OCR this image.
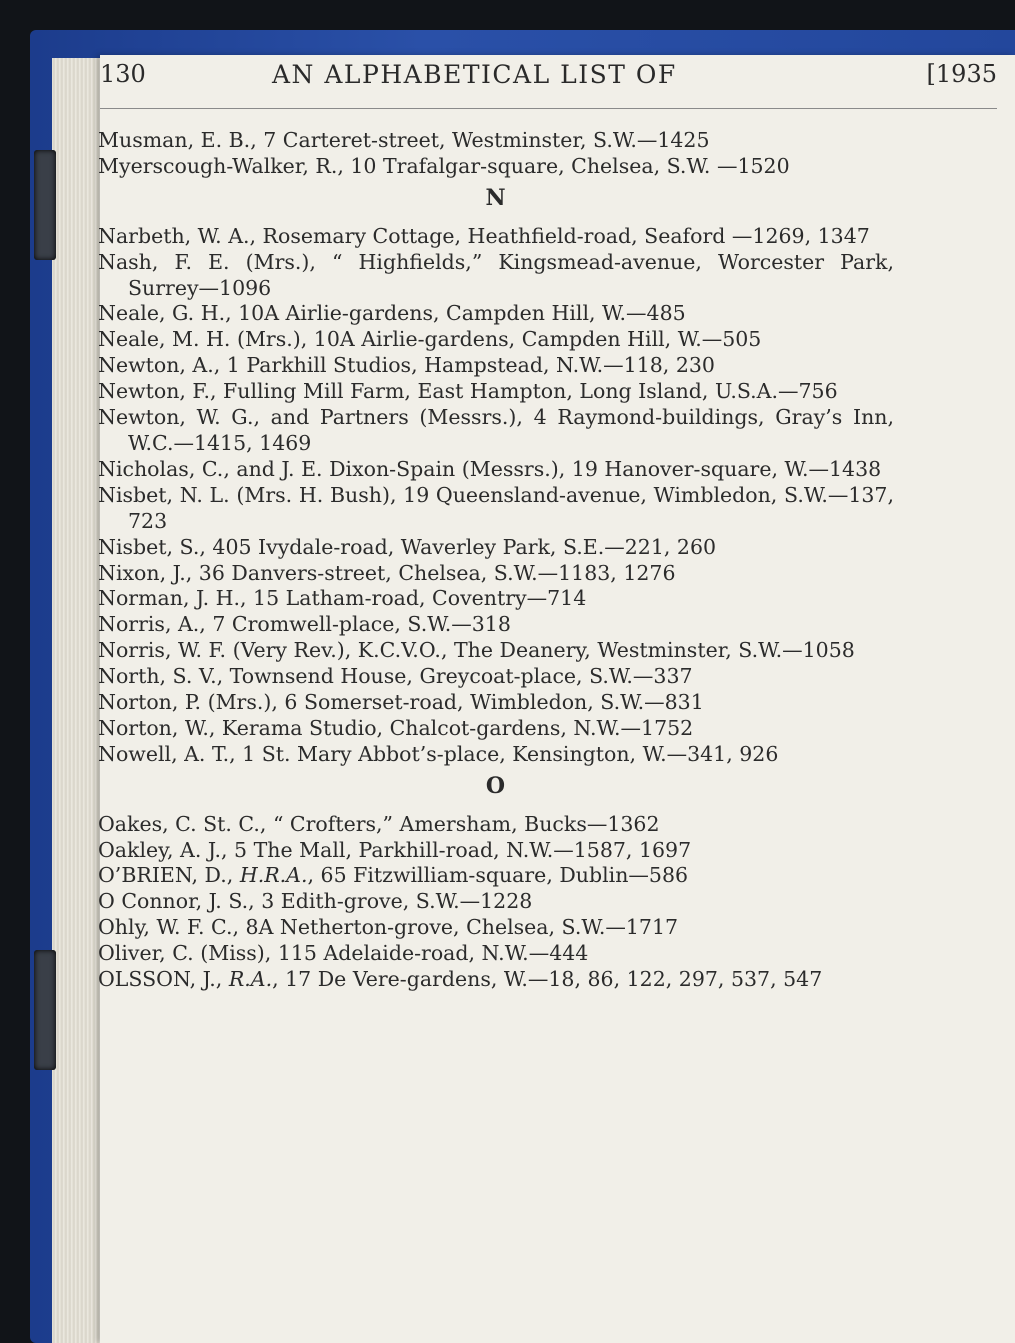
130	AN ALPHABETICAL LIST OF	[1935

Musman, E. B., 7 Carteret-street, Westminster, S.W.—1425

Myerscough-Walker, R., 10 Trafalgar-square, Chelsea, S.W. —1520

N

Narbeth, W. A., Rosemary Cottage, Heathfield-road, Seaford —1269, 1347

Nash, F. E. (Mrs.), “ Highfields,” Kingsmead-avenue, Worcester Park, Surrey—1096

Neale, G. H., 10A Airlie-gardens, Campden Hill, W.—485

Neale, M. H. (Mrs.), 10A Airlie-gardens, Campden Hill, W.—505

Newton, A., 1 Parkhill Studios, Hampstead, N.W.—118, 230

Newton, F., Fulling Mill Farm, East Hampton, Long Island, U.S.A.—756

Newton, W. G., and Partners (Messrs.), 4 Raymond-buildings, Gray’s Inn, W.C.—1415, 1469

Nicholas, C., and J. E. Dixon-Spain (Messrs.), 19 Hanover-square, W.—1438

Nisbet, N. L. (Mrs. H. Bush), 19 Queensland-avenue, Wimbledon, S.W.—137, 723

Nisbet, S., 405 Ivydale-road, Waverley Park, S.E.—221, 260

Nixon, J., 36 Danvers-street, Chelsea, S.W.—1183, 1276

Norman, J. H., 15 Latham-road, Coventry—714

Norris, A., 7 Cromwell-place, S.W.—318

Norris, W. F. (Very Rev.), K.C.V.O., The Deanery, Westminster, S.W.—1058

North, S. V., Townsend House, Greycoat-place, S.W.—337

Norton, P. (Mrs.), 6 Somerset-road, Wimbledon, S.W.—831

Norton, W., Kerama Studio, Chalcot-gardens, N.W.—1752

Nowell, A. T., 1 St. Mary Abbot’s-place, Kensington, W.—341, 926

O

Oakes, C. St. C., “ Crofters,” Amersham, Bucks—1362

Oakley, A. J., 5 The Mall, Parkhill-road, N.W.—1587, 1697

O’BRIEN, D., H.R.A., 65 Fitzwilliam-square, Dublin—586

O Connor, J. S., 3 Edith-grove, S.W.—1228

Ohly, W. F. C., 8A Netherton-grove, Chelsea, S.W.—1717

Oliver, C. (Miss), 115 Adelaide-road, N.W.—444

OLSSON, J., R.A., 17 De Vere-gardens, W.—18, 86, 122, 297, 537, 547
